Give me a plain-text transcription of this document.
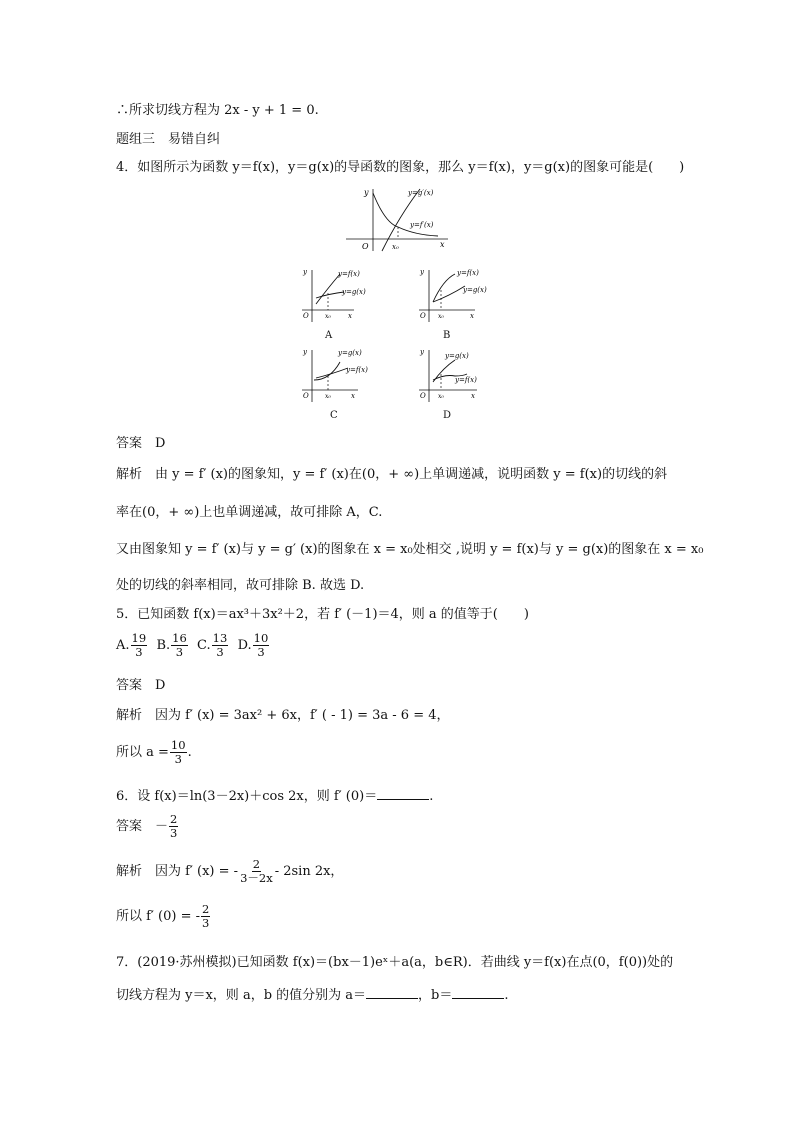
∴所求切线方程为 2x - y + 1 = 0.
题组三　易错自纠
4．如图所示为函数 y＝f(x)，y＝g(x)的导函数的图象，那么 y＝f(x)，y＝g(x)的图象可能是(　　)
y
O	x
x₀
y=g′(x)
y=f′(x)
y
O	x
x₀
y=f(x)
y=g(x)
A
y
O	x
x₀
y=f(x)
y=g(x)
B
y
O	x
x₀
y=g(x)
y=f(x)
C
y
O	x
x₀
y=g(x)
y=f(x)
D
答案　D
解析　由 y = f′ (x)的图象知，y = f′ (x)在(0，+ ∞)上单调递减，说明函数 y = f(x)的切线的斜
率在(0，+ ∞)上也单调递减，故可排除 A，C.
又由图象知 y = f′ (x)与 y = g′ (x)的图象在 x = x₀处相交 ,说明 y = f(x)与 y = g(x)的图象在 x = x₀
处的切线的斜率相同，故可排除 B. 故选 D.
5．已知函数 f(x)＝ax³＋3x²＋2，若 f′ (－1)＝4，则 a 的值等于(　　)
A. $\frac{19}{3} B$. $\frac{16}{3} C$. $\frac{13}{3} D$. $\frac{10}{3}$
答案　D
解析　因为 f′ (x) = 3ax² + 6x，f′ ( - 1) = 3a - 6 = 4，
所以 $a = \frac{10}{3}$ .
6．设 f(x)＝ln(3－2x)＋cos 2x，则 f′ (0)＝	.
答案　－ $\frac{2}{3}$
解析　因为 f′ (x) = - $\frac{2}{3-2x} - 2\sin$ 2x，
所以 f′ (0) = - $\frac{2}{3}$
7．(2019·苏州模拟)已知函数 f(x)＝(bx－1)eˣ＋a(a，b∈R)．若曲线 y＝f(x)在点(0，f(0))处的
切线方程为 y＝x，则 a，b 的值分别为 a＝	，b＝	.
